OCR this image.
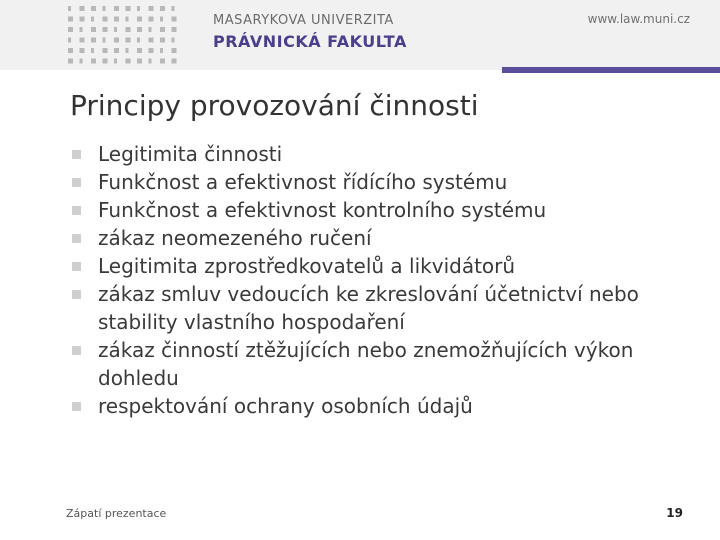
MASARYKOVA UNIVERZITA
PRÁVNICKÁ FAKULTA
www.law.muni.cz
Principy provozování činnosti
Legitimita činnosti
Funkčnost a efektivnost řídícího systému
Funkčnost a efektivnost kontrolního systému
zákaz neomezeného ručení
Legitimita zprostředkovatelů a likvidátorů
zákaz smluv vedoucích ke zkreslování účetnictví nebo stability vlastního hospodaření
zákaz činností ztěžujících nebo znemožňujících výkon dohledu
respektování ochrany osobních údajů
Zápatí prezentace	19
